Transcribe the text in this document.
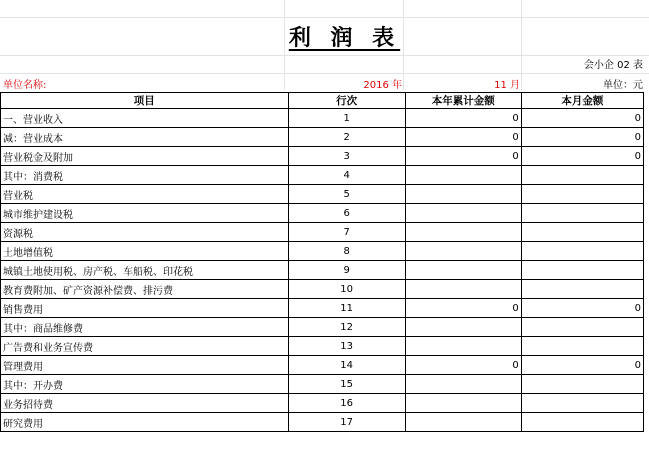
利 润 表
会小企 02 表
单位名称:	2016 年	11 月	单位：元
项目	行次	本年累计金额	本月金额
一、营业收入	1	0	0
减：营业成本	2	0	0
营业税金及附加	3	0	0
其中：消费税	4		
营业税	5		
城市维护建设税	6		
资源税	7		
土地增值税	8		
城镇土地使用税、房产税、车船税、印花税	9		
教育费附加、矿产资源补偿费、排污费	10		
销售费用	11	0	0
其中：商品维修费	12		
广告费和业务宣传费	13		
管理费用	14	0	0
其中：开办费	15		
业务招待费	16		
研究费用	17		
